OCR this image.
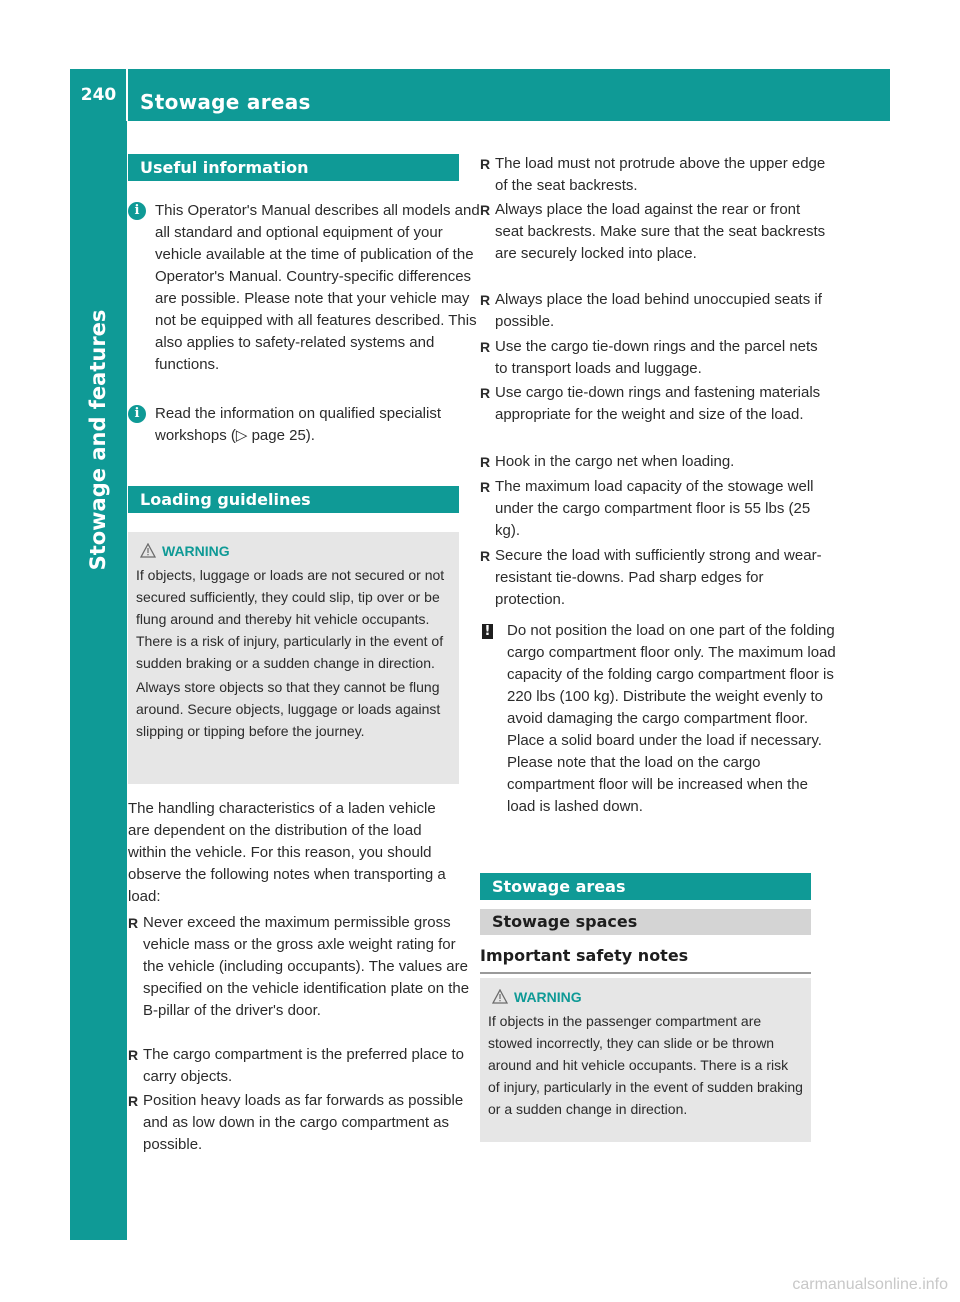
240	Stowage areas
Stowage and features
Useful information
i	This Operator's Manual describes all models and all standard and optional equipment of your vehicle available at the time of publication of the Operator's Manual. Country-specific differences are possible. Please note that your vehicle may not be equipped with all features described. This also applies to safety-related systems and functions.
i	Read the information on qualified specialist workshops (▷ page 25).
Loading guidelines
WARNING

If objects, luggage or loads are not secured or not secured sufficiently, they could slip, tip over or be flung around and thereby hit vehicle occupants. There is a risk of injury, particularly in the event of sudden braking or a sudden change in direction.

Always store objects so that they cannot be flung around. Secure objects, luggage or loads against slipping or tipping before the journey.

The handling characteristics of a laden vehicle are dependent on the distribution of the load within the vehicle. For this reason, you should observe the following notes when transporting a load:
R Never exceed the maximum permissible gross vehicle mass or the gross axle weight rating for the vehicle (including occupants). The values are specified on the vehicle identification plate on the B-pillar of the driver's door.
R The cargo compartment is the preferred place to carry objects.
R Position heavy loads as far forwards as possible and as low down in the cargo compartment as possible.
R The load must not protrude above the upper edge of the seat backrests.
R Always place the load against the rear or front seat backrests. Make sure that the seat backrests are securely locked into place.
R Always place the load behind unoccupied seats if possible.
R Use the cargo tie-down rings and the parcel nets to transport loads and luggage.
R Use cargo tie-down rings and fastening materials appropriate for the weight and size of the load.
R Hook in the cargo net when loading.
R The maximum load capacity of the stowage well under the cargo compartment floor is 55 lbs (25 kg).
R Secure the load with sufficiently strong and wear-resistant tie-downs. Pad sharp edges for protection.
! Do not position the load on one part of the folding cargo compartment floor only. The maximum load capacity of the folding cargo compartment floor is 220 lbs (100 kg). Distribute the weight evenly to avoid damaging the cargo compartment floor. Place a solid board under the load if necessary. Please note that the load on the cargo compartment floor will be increased when the load is lashed down.
Stowage areas
Stowage spaces
Important safety notes
WARNING

If objects in the passenger compartment are stowed incorrectly, they can slide or be thrown around and hit vehicle occupants. There is a risk of injury, particularly in the event of sudden braking or a sudden change in direction.

carmanualsonline.info
